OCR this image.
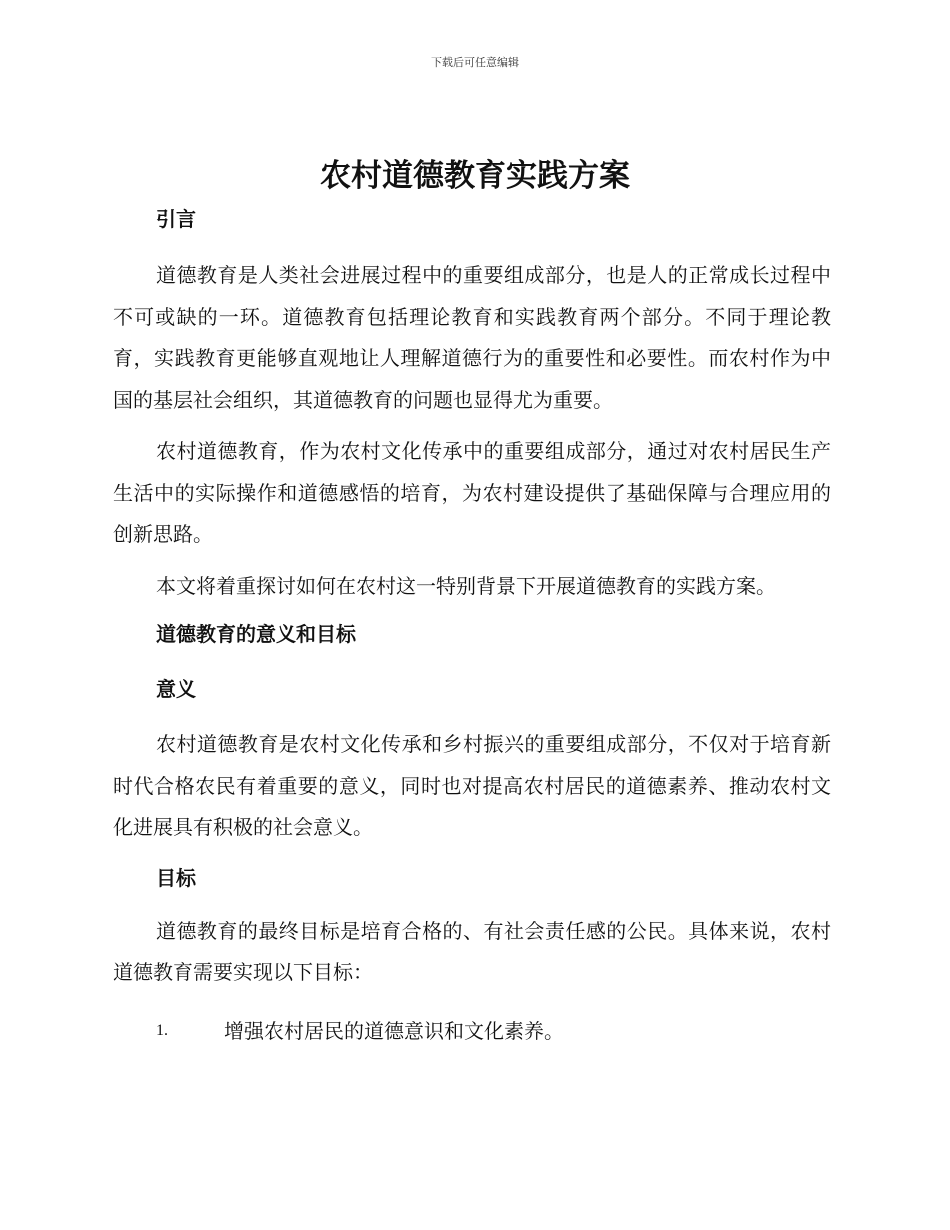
下载后可任意编辑
农村道德教育实践方案

引言

道德教育是人类社会进展过程中的重要组成部分，也是人的正常成长过程中不可或缺的一环。道德教育包括理论教育和实践教育两个部分。不同于理论教育，实践教育更能够直观地让人理解道德行为的重要性和必要性。而农村作为中国的基层社会组织，其道德教育的问题也显得尤为重要。

农村道德教育，作为农村文化传承中的重要组成部分，通过对农村居民生产生活中的实际操作和道德感悟的培育，为农村建设提供了基础保障与合理应用的创新思路。

本文将着重探讨如何在农村这一特别背景下开展道德教育的实践方案。

道德教育的意义和目标

意义

农村道德教育是农村文化传承和乡村振兴的重要组成部分，不仅对于培育新时代合格农民有着重要的意义，同时也对提高农村居民的道德素养、推动农村文化进展具有积极的社会意义。

目标

道德教育的最终目标是培育合格的、有社会责任感的公民。具体来说，农村道德教育需要实现以下目标：

1.	增强农村居民的道德意识和文化素养。
